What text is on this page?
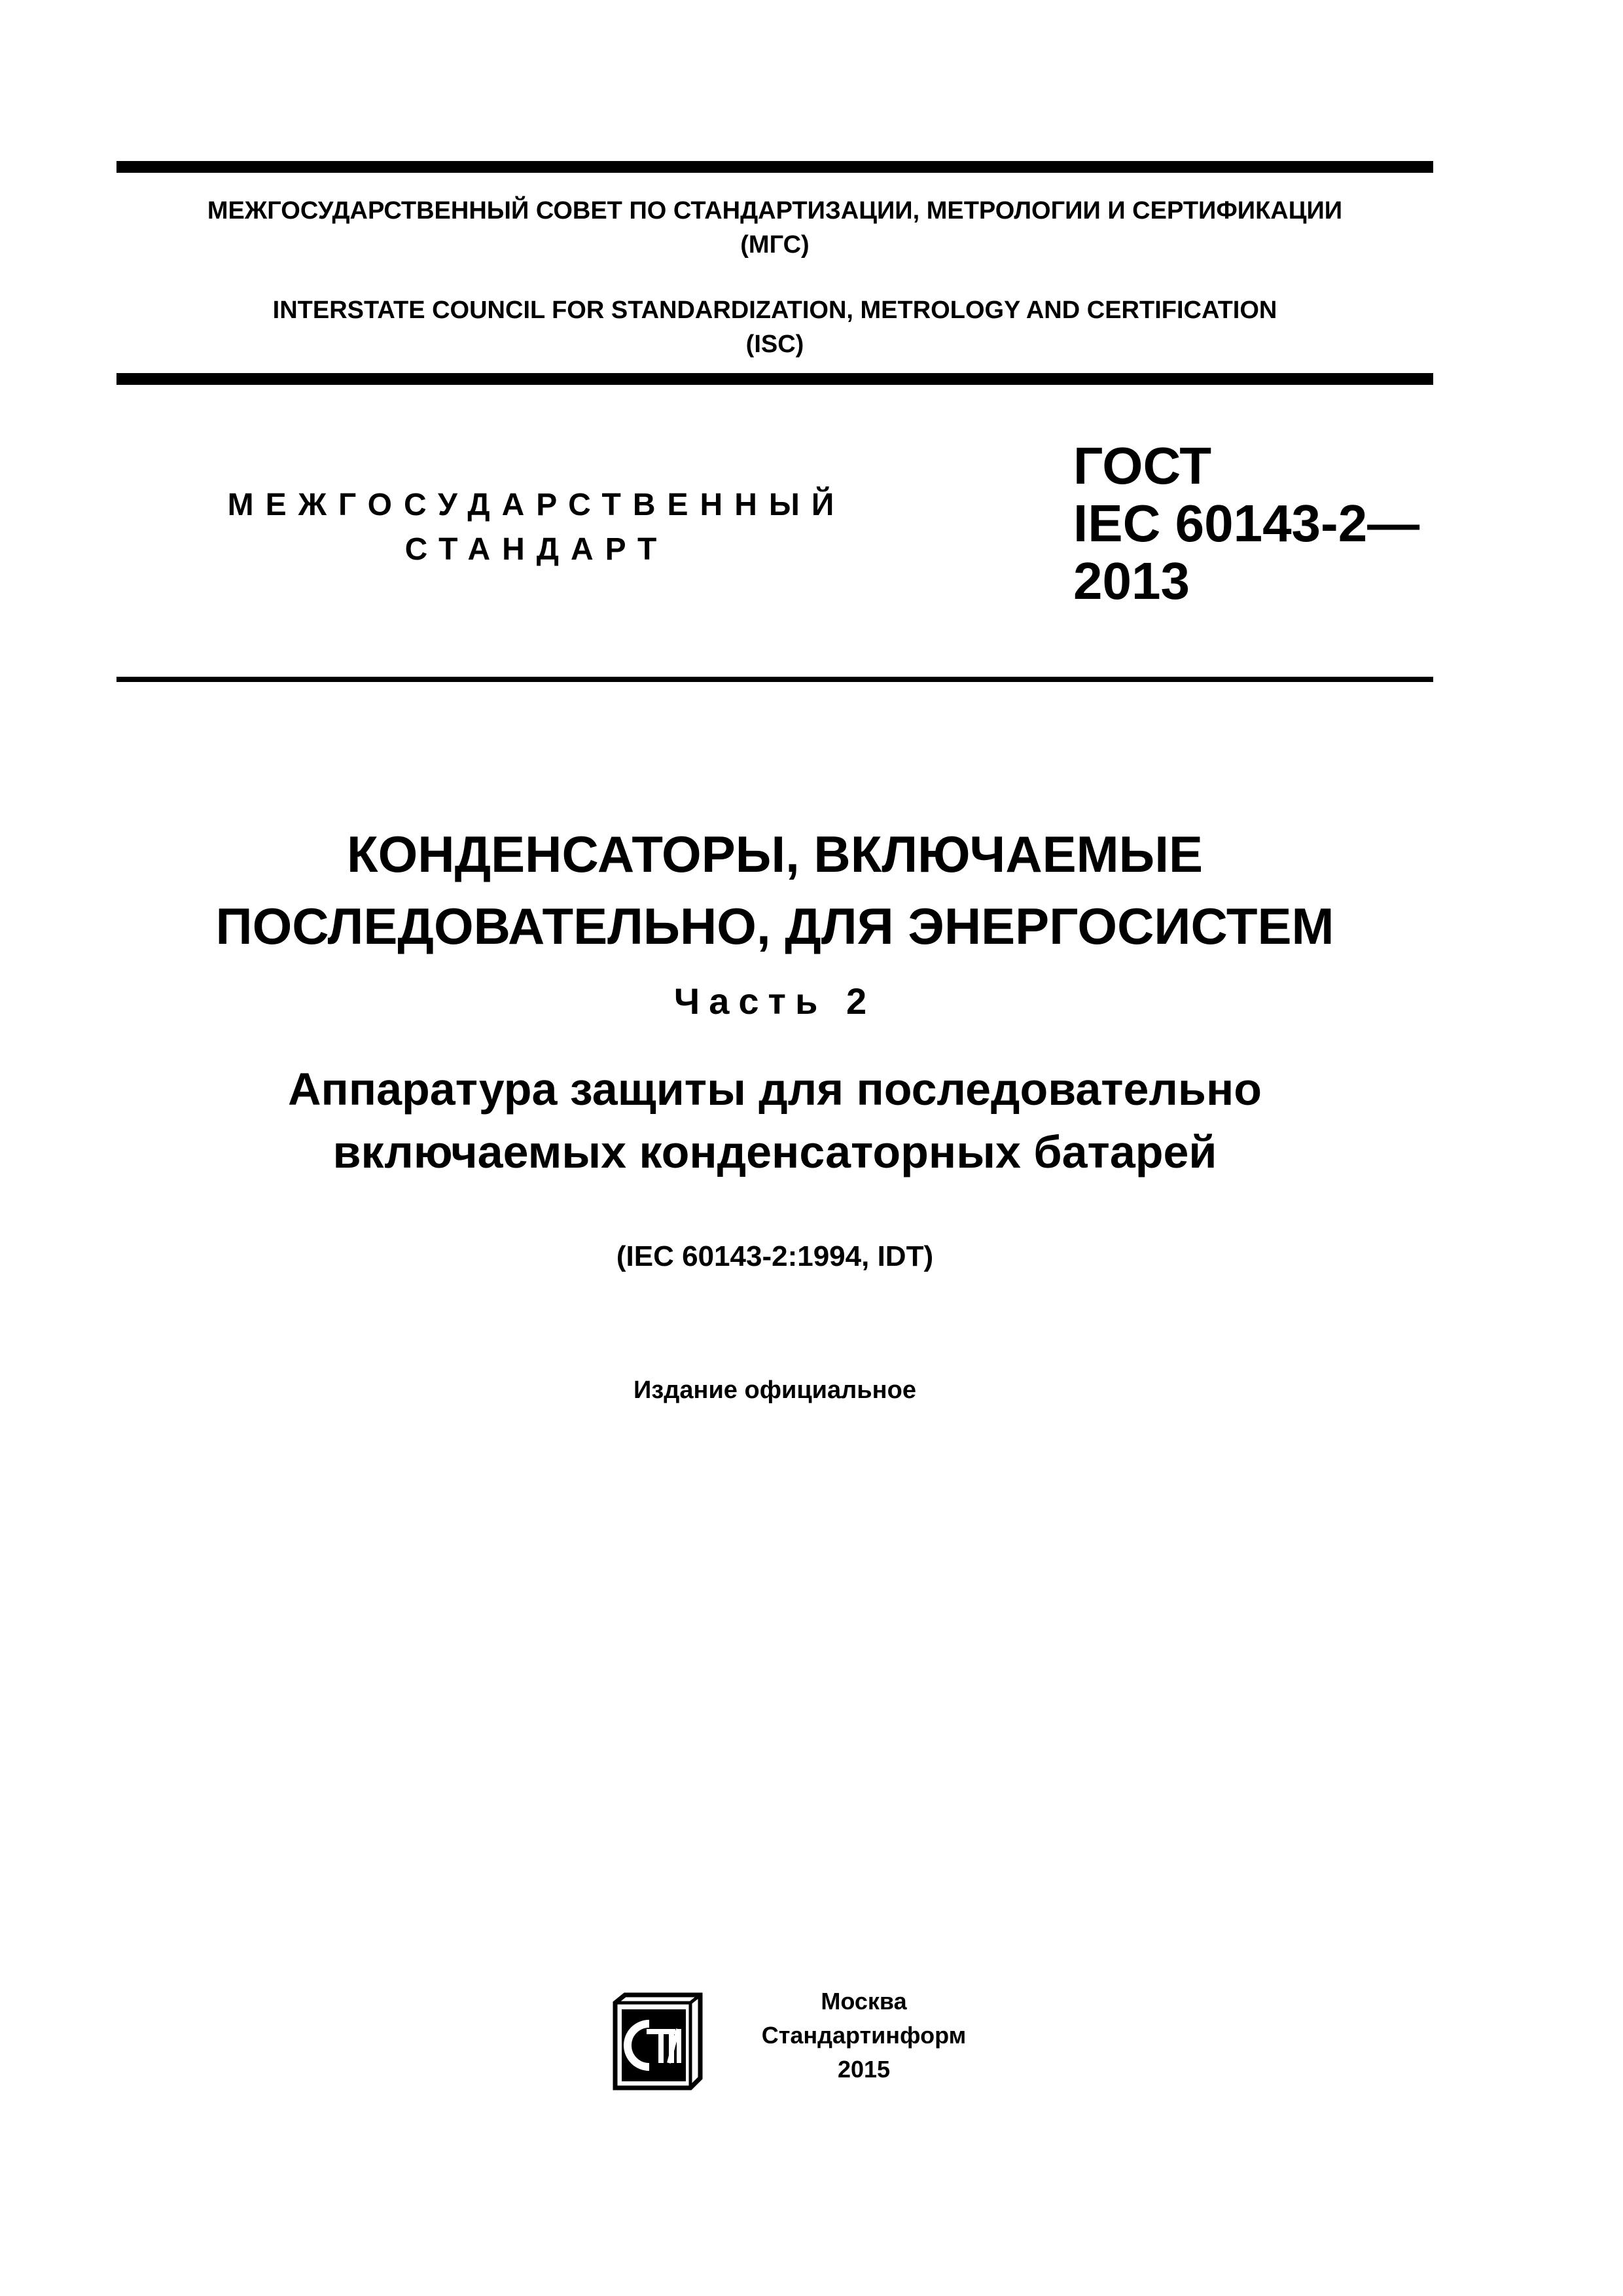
МЕЖГОСУДАРСТВЕННЫЙ СОВЕТ ПО СТАНДАРТИЗАЦИИ, МЕТРОЛОГИИ И СЕРТИФИКАЦИИ
(МГС)
INTERSTATE COUNCIL FOR STANDARDIZATION, METROLOGY AND CERTIFICATION
(ISC)
МЕЖГОСУДАРСТВЕННЫЙ
СТАНДАРТ
ГОСТ
IEC 60143-2—
2013
КОНДЕНСАТОРЫ, ВКЛЮЧАЕМЫЕ
ПОСЛЕДОВАТЕЛЬНО, ДЛЯ ЭНЕРГОСИСТЕМ
Часть 2
Аппаратура защиты для последовательно
включаемых конденсаторных батарей
(IEC 60143-2:1994, IDT)
Издание официальное
Москва
Стандартинформ
2015
